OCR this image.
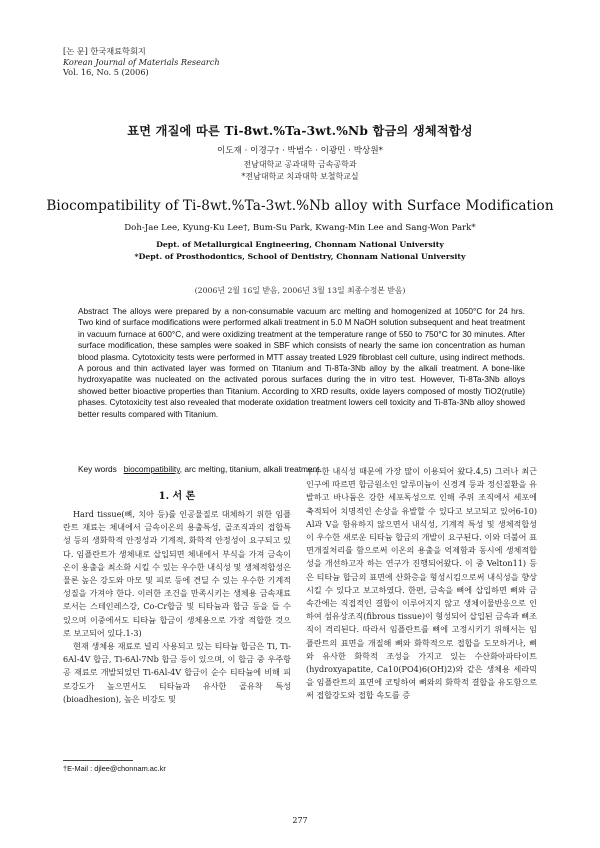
[논 문] 한국재료학회지
Korean Journal of Materials Research
Vol. 16, No. 5 (2006)
표면 개질에 따른 Ti-8wt.%Ta-3wt.%Nb 합금의 생체적합성
이도재 · 이경구† · 박범수 · 이광민 · 박상원*
전남대학교 공과대학 금속공학과
*전남대학교 치과대학 보철학교실
Biocompatibility of Ti-8wt.%Ta-3wt.%Nb alloy with Surface Modification
Doh-Jae Lee, Kyung-Ku Lee†, Bum-Su Park, Kwang-Min Lee and Sang-Won Park*
Dept. of Metallurgical Engineering, Chonnam National University
*Dept. of Prosthodontics, School of Dentistry, Chonnam National University
(2006년 2월 16일 받음, 2006년 3월 13일 최종수정본 받음)
Abstract The alloys were prepared by a non-consumable vacuum arc melting and homogenized at 1050°C for 24 hrs. Two kind of surface modifications were performed alkali treatment in 5.0 M NaOH solution subsequent and heat treatment in vacuum furnace at 600°C, and were oxidizing treatment at the temperature range of 550 to 750°C for 30 minutes. After surface modification, these samples were soaked in SBF which consists of nearly the same ion concentration as human blood plasma. Cytotoxicity tests were performed in MTT assay treated L929 fibroblast cell culture, using indirect methods. A porous and thin activated layer was formed on Titanium and Ti-8Ta-3Nb alloy by the alkali treatment. A bone-like hydroxyapatite was nucleated on the activated porous surfaces during the in vitro test. However, Ti-8Ta-3Nb alloys showed better bioactive properties than Titanium. According to XRD results, oxide layers composed of mostly TiO2(rutile) phases. Cytotoxicity test also revealed that moderate oxidation treatment lowers cell toxicity and Ti-8Ta-3Nb alloy showed better results compared with Titanium.
Key words biocompatibility, arc melting, titanium, alkali treatment.
1. 서 론

Hard tissue(뼈, 치아 등)를 인공물질로 대체하기 위한 임플란트 재료는 체내에서 금속이온의 용출특성, 골조직과의 접합특성 등의 생화학적 안정성과 기계적, 화학적 안정성이 요구되고 있다. 임플란트가 생체내로 삽입되면 체내에서 부식을 가져 금속이온이 용출을 최소화 시킬 수 있는 우수한 내식성 및 생체적합성은 물론 높은 강도와 마모 및 피로 등에 견딜 수 있는 우수한 기계적 성질을 가져야 한다. 이러한 조건을 만족시키는 생체용 금속재료로서는 스테인레스강, Co-Cr합금 및 티타늄과 합금 등을 들 수 있으며 이중에서도 티타늄 합금이 생체용으로 가장 적합한 것으로 보고되어 있다.1-3)

현재 생체용 재료로 널리 사용되고 있는 티타늄 합금은 Ti, Ti-6Al-4V 합금, Ti-6Al-7Nb 합금 등이 있으며, 이 합금 중 우주항공 재료로 개발되었던 Ti-6Al-4V 합금이 순수 티타늄에 비해 피로강도가 높으면서도 티타늄과 유사한 골유착 특성(bioadhesion), 높은 비강도 및

우수한 내식성 때문에 가장 많이 이용되어 왔다.4,5) 그러나 최근 인구에 따르면 합금원소인 알루미늄이 신경계 등과 정신질환을 유발하고 바나듐은 강한 세포독성으로 인해 주위 조직에서 세포에 축적되어 치명적인 손상을 유발할 수 있다고 보고되고 있어6-10) Al과 V을 함유하지 않으면서 내식성, 기계적 특성 및 생체적합성이 우수한 새로운 티타늄 합금의 개발이 요구된다. 이와 더불어 표면개질처리를 함으로써 이온의 용출을 억제함과 동시에 생체적합성을 개선하고자 하는 연구가 진행되어왔다. 이 중 Velton11) 등은 티타늄 합금의 표면에 산화층을 형성시킴으로써 내식성을 향상시킬 수 있다고 보고하였다. 한편, 금속을 뼈에 삽입하면 뼈와 금속간에는 직접적인 결합이 이루어지지 않고 생체이물반응으로 인하여 섬유상조직(fibrous tissue)이 형성되어 삽입된 금속과 뼈조직이 격리된다. 따라서 임플란트를 뼈에 고정시키기 위해서는 임플란트의 표면을 개질해 뼈와 화학적으로 접합을 도모하거나, 뼈와 유사한 화학적 조성을 가지고 있는 수산화아파타이트(hydroxyapatite, Ca10(PO4)6(OH)2)와 같은 생체용 세라믹을 임플란트의 표면에 코팅하여 뼈와의 화학적 결합을 유도함으로써 접합강도와 접합 속도를 증

†E-Mail : djlee@chonnam.ac.kr
277
